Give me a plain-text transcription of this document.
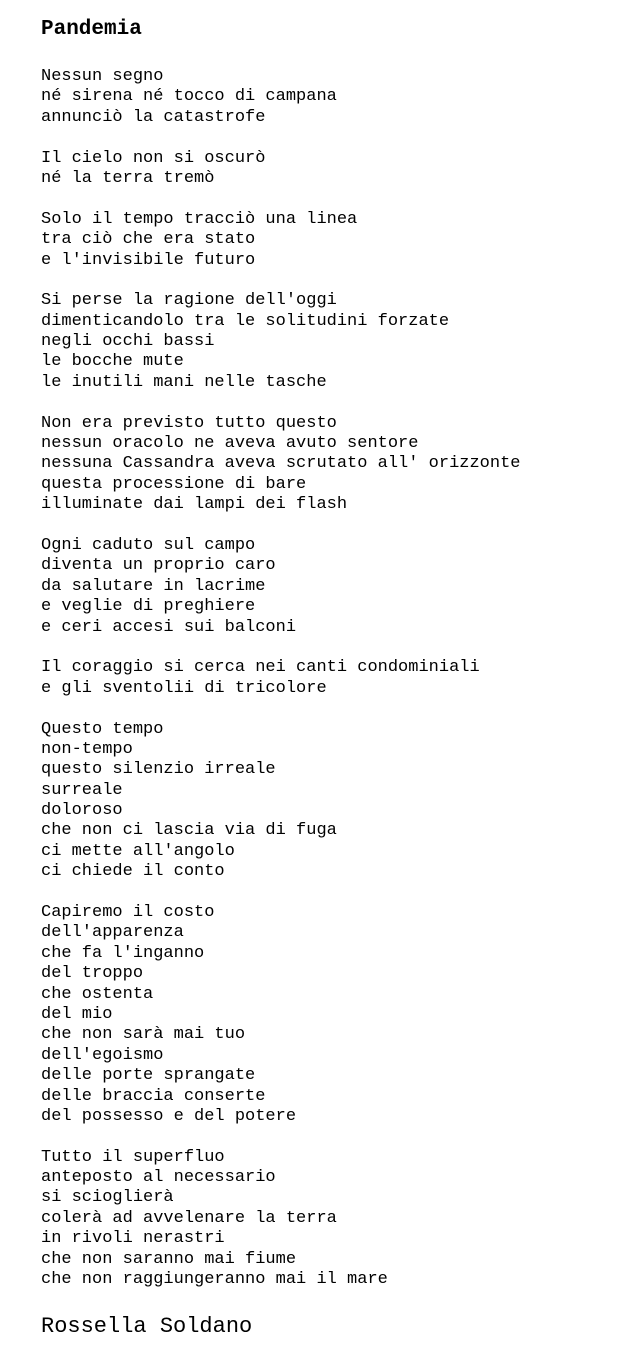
Pandemia
Nessun segno
né sirena né tocco di campana
annunciò la catastrofe
Il cielo non si oscurò
né la terra tremò
Solo il tempo tracciò una linea
tra ciò che era stato
e l'invisibile futuro
Si perse la ragione dell'oggi
dimenticandolo tra le solitudini forzate
negli occhi bassi
le bocche mute
le inutili mani nelle tasche
Non era previsto tutto questo
nessun oracolo ne aveva avuto sentore
nessuna Cassandra aveva scrutato all' orizzonte
questa processione di bare
illuminate dai lampi dei flash
Ogni caduto sul campo
diventa un proprio caro
da salutare in lacrime
e veglie di preghiere
e ceri accesi sui balconi
Il coraggio si cerca nei canti condominiali
e gli sventolii di tricolore
Questo tempo
non-tempo
questo silenzio irreale
surreale
doloroso
che non ci lascia via di fuga
ci mette all'angolo
ci chiede il conto
Capiremo il costo
dell'apparenza
che fa l'inganno
del troppo
che ostenta
del mio
che non sarà mai tuo
dell'egoismo
delle porte sprangate
delle braccia conserte
del possesso e del potere
Tutto il superfluo
anteposto al necessario
si scioglierà
colerà ad avvelenare la terra
in rivoli nerastri
che non saranno mai fiume
che non raggiungeranno mai il mare
Rossella Soldano
